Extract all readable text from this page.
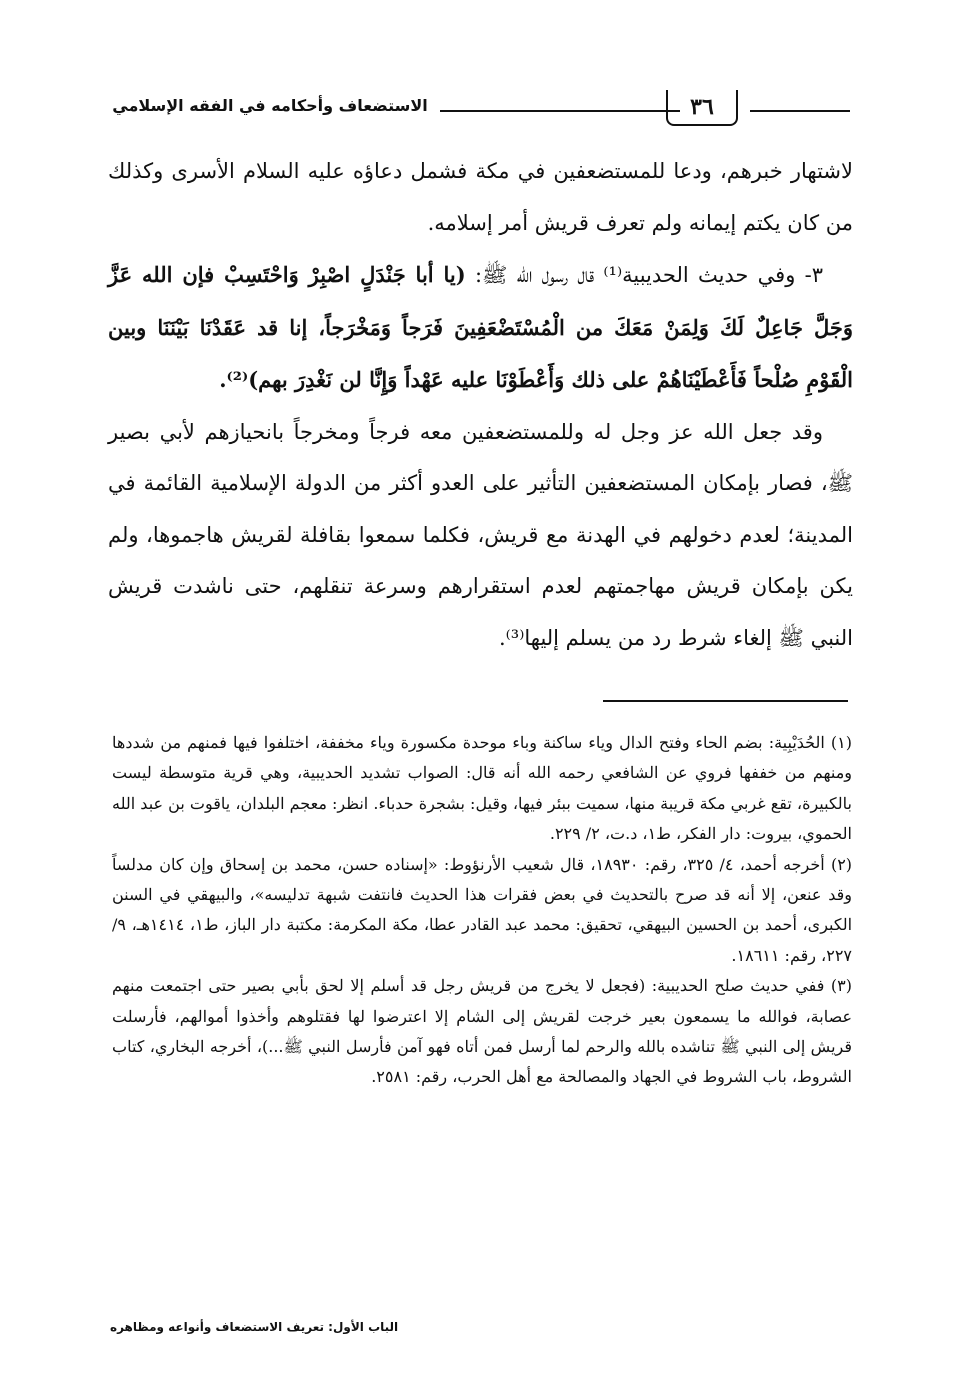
٣٦
الاستضعاف وأحكامه في الفقه الإسلامي

لاشتهار خبرهم، ودعا للمستضعفين في مكة فشمل دعاؤه عليه السلام الأسرى وكذلك من كان يكتم إيمانه ولم تعرف قريش أمر إسلامه.

٣- وفي حديث الحديبية⁽¹⁾ قال رسول الله ﷺ: (يا أبا جَنْدَلٍ اصْبِرْ وَاحْتَسِبْ فإن الله عَزَّ وَجَلَّ جَاعِلٌ لَكَ وَلِمَنْ مَعَكَ من الْمُسْتَضْعَفِينَ فَرَجاً وَمَخْرَجاً، إنا قد عَقَدْنَا بَيْنَنَا وبين الْقَوْمِ صُلْحاً فَأَعْطَيْنَاهُمْ على ذلك وَأَعْطَوْنَا عليه عَهْداً وَإِنَّا لن نَغْدِرَ بهم)⁽²⁾.

وقد جعل الله عز وجل له وللمستضعفين معه فرجاً ومخرجاً بانحيازهم لأبي بصير ﷺ، فصار بإمكان المستضعفين التأثير على العدو أكثر من الدولة الإسلامية القائمة في المدينة؛ لعدم دخولهم في الهدنة مع قريش، فكلما سمعوا بقافلة لقريش هاجموها، ولم يكن بإمكان قريش مهاجمتهم لعدم استقرارهم وسرعة تنقلهم، حتى ناشدت قريش النبي ﷺ إلغاء شرط رد من يسلم إليها⁽³⁾.

(١) الحُدَيْبِية: بضم الحاء وفتح الدال وياء ساكنة وباء موحدة مكسورة وياء مخففة، اختلفوا فيها فمنهم من شددها ومنهم من خففها فروي عن الشافعي رحمه الله أنه قال: الصواب تشديد الحديبية، وهي قرية متوسطة ليست بالكبيرة، تقع غربي مكة قريبة منها، سميت ببئر فيها، وقيل: بشجرة حدباء. انظر: معجم البلدان، ياقوت بن عبد الله الحموي، بيروت: دار الفكر، ط١، د.ت، ٢/ ٢٢٩.

(٢) أخرجه أحمد، ٤/ ٣٢٥، رقم: ١٨٩٣٠، قال شعيب الأرنؤوط: «إسناده حسن، محمد بن إسحاق وإن كان مدلساً وقد عنعن، إلا أنه قد صرح بالتحديث في بعض فقرات هذا الحديث فانتفت شبهة تدليسه»، والبيهقي في السنن الكبرى، أحمد بن الحسين البيهقي، تحقيق: محمد عبد القادر عطا، مكة المكرمة: مكتبة دار الباز، ط١، ١٤١٤هـ، ٩/ ٢٢٧، رقم: ١٨٦١١.

(٣) ففي حديث صلح الحديبية: (فجعل لا يخرج من قريش رجل قد أسلم إلا لحق بأبي بصير حتى اجتمعت منهم عصابة، فوالله ما يسمعون بعير خرجت لقريش إلى الشام إلا اعترضوا لها فقتلوهم وأخذوا أموالهم، فأرسلت قريش إلى النبي ﷺ تناشده بالله والرحم لما أرسل فمن أتاه فهو آمن فأرسل النبي ﷺ...)، أخرجه البخاري، كتاب الشروط، باب الشروط في الجهاد والمصالحة مع أهل الحرب، رقم: ٢٥٨١.

الباب الأول: تعريف الاستضعاف وأنواعه ومظاهره
